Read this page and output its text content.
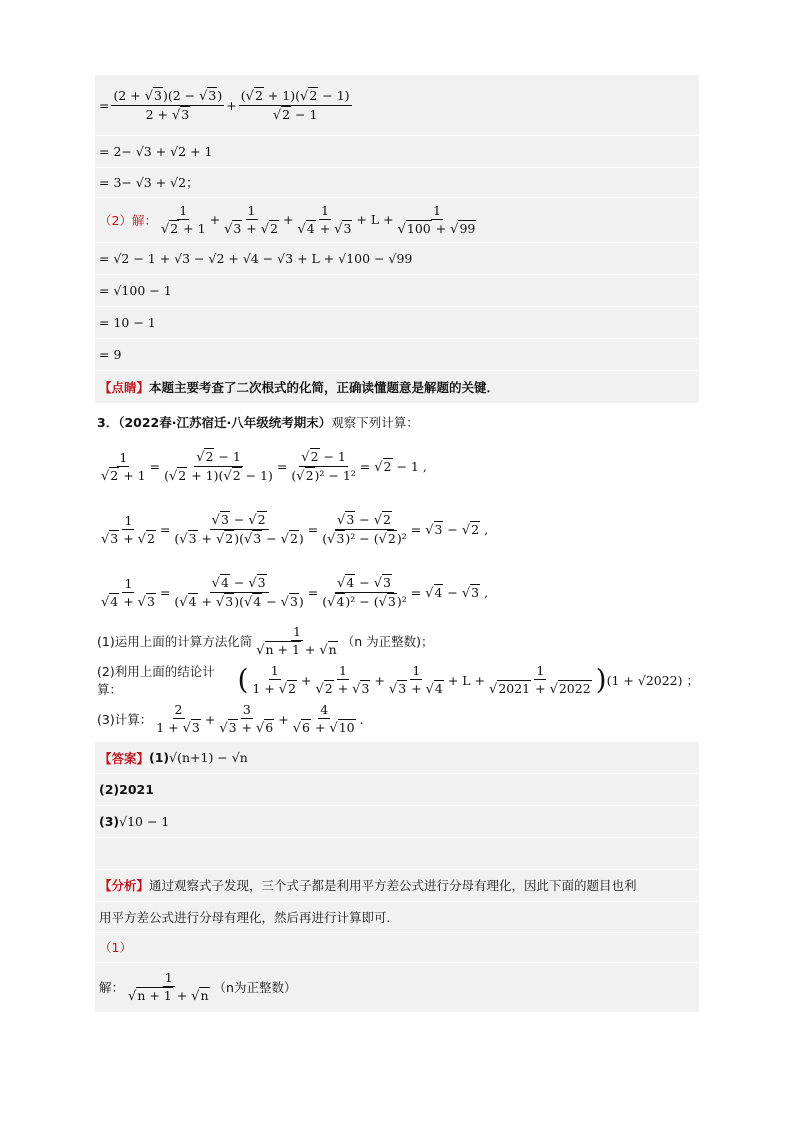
= $\frac{(2 + √3)(2 - √3)}{2 + √3} + \frac{(√2 + 1)(√2 - 1)}{√2 - 1}$
= 2− √3 + √2 + 1
= 3− √3 + √2；
（2）解： $\frac{1}{√2 + 1} + \frac{1}{√3 + √2} + \frac{1}{√4 + √3} + L + \frac{1}{√100 + √99}$
= √2 − 1 + √3 − √2 + √4 − √3 + L + √100 − √99
= √100 − 1
= 10 − 1
= 9
【点睛】 本题主要考查了二次根式的化简，正确读懂题意是解题的关键．
3．（2022春·江苏宿迁·八年级统考期末）观察下列计算：
$\frac{1}{√2 + 1} = \frac{√2 - 1}{(√2 + 1)(√2 - 1)} = \frac{√2 - 1}{\text{(√2)² − 1²}} = √2 - 1$ ,
$\frac{1}{√3 + √2} = \frac{√3 - √2}{(√3 + √2)(√3 - √2)} = \frac{√3 - √2}{\text{(√3)² − (√2)²}} = √3 - √2$ ,
$\frac{1}{√4 + √3} = \frac{√4 - √3}{(√4 + √3)(√4 - √3)} = \frac{√4 - √3}{\text{(√4)² − (√3)²}} = √4 - √3$ ,
(1)运用上面的计算方法化简 $\frac{1}{√n + 1 + √n} (n$ 为正整数)；
(2)利用上面的结论计算：	( $\frac{1}{1 + √2} + \frac{1}{√2 + √3} + \frac{1}{√3 + √4} + L + \frac{1}{√2021 + √2022}$ ) (1 + √2022) ；
(3)计算： $\frac{2}{1 + √3} + \frac{3}{√3 + √6} + \frac{4}{√6 + √10}$ .
【答案】 (1) √(n+1) − √n
(2)2021
(3) √10 − 1
【分析】 通过观察式子发现，三个式子都是利用平方差公式进行分母有理化，因此下面的题目也利
用平方差公式进行分母有理化，然后再进行计算即可．
（1）
解： $\frac{1}{√n + 1 + √n} (n$为正整数）
